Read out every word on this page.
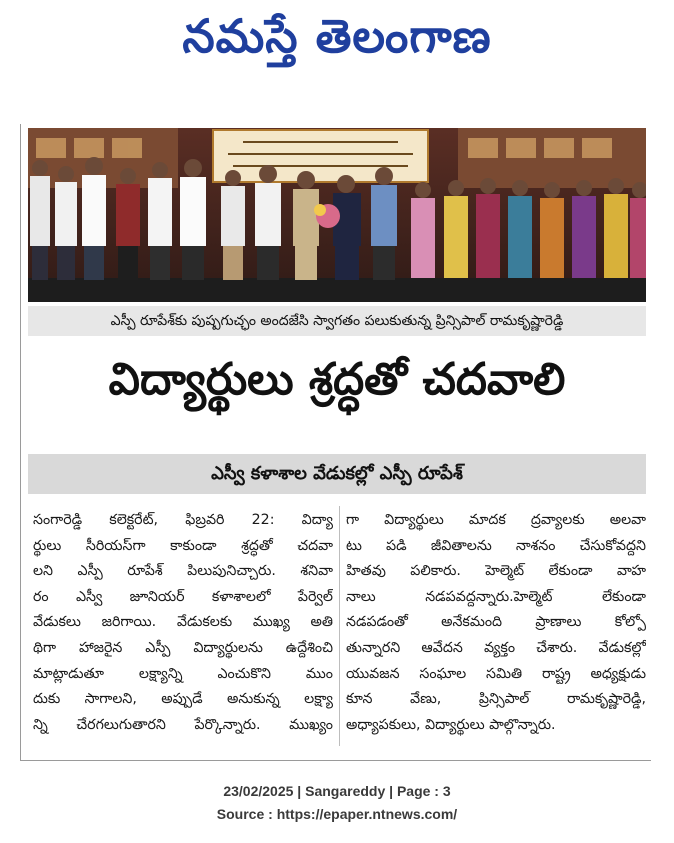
నమస్తే తెలంగాణ
ఎస్పీ రూపేశ్‌కు పుష్పగుచ్ఛం అందజేసి స్వాగతం పలుకుతున్న ప్రిన్సిపాల్ రామకృష్ణారెడ్డి
విద్యార్థులు శ్రద్ధతో చదవాలి
ఎస్వీ కళాశాల వేడుకల్లో ఎస్పీ రూపేశ్
సంగారెడ్డి కలెక్టరేట్, ఫిబ్రవరి 22: విద్యా
ర్థులు సీరియస్‌గా కాకుండా శ్రద్ధతో చదవా
లని ఎస్పీ రూపేశ్ పిలుపునిచ్చారు. శనివా
రం ఎస్వీ జూనియర్ కళాశాలలో పేర్వెల్
వేడుకలు జరిగాయి. వేడుకలకు ముఖ్య అతి
థిగా హాజరైన ఎస్పీ విద్యార్థులను ఉద్దేశించి
మాట్లాడుతూ లక్ష్యాన్ని ఎంచుకొని ముం
దుకు సాగాలని, అప్పుడే అనుకున్న లక్ష్యా
న్ని చేరగలుగుతారని పేర్కొన్నారు. ముఖ్యం
గా విద్యార్థులు మాదక ద్రవ్యాలకు అలవా
టు పడి జీవితాలను నాశనం చేసుకోవద్దని
హితవు పలికారు. హెల్మెట్ లేకుండా వాహ
నాలు నడపవద్దన్నారు.హెల్మెట్ లేకుండా
నడపడంతో అనేకమంది ప్రాణాలు కోల్పో
తున్నారని ఆవేదన వ్యక్తం చేశారు. వేడుకల్లో
యువజన సంఘాల సమితి రాష్ట్ర అధ్యక్షుడు
కూన వేణు, ప్రిన్సిపాల్ రామకృష్ణారెడ్డి,
అధ్యాపకులు, విద్యార్థులు పాల్గొన్నారు.
23/02/2025 | Sangareddy | Page : 3
Source : https://epaper.ntnews.com/
